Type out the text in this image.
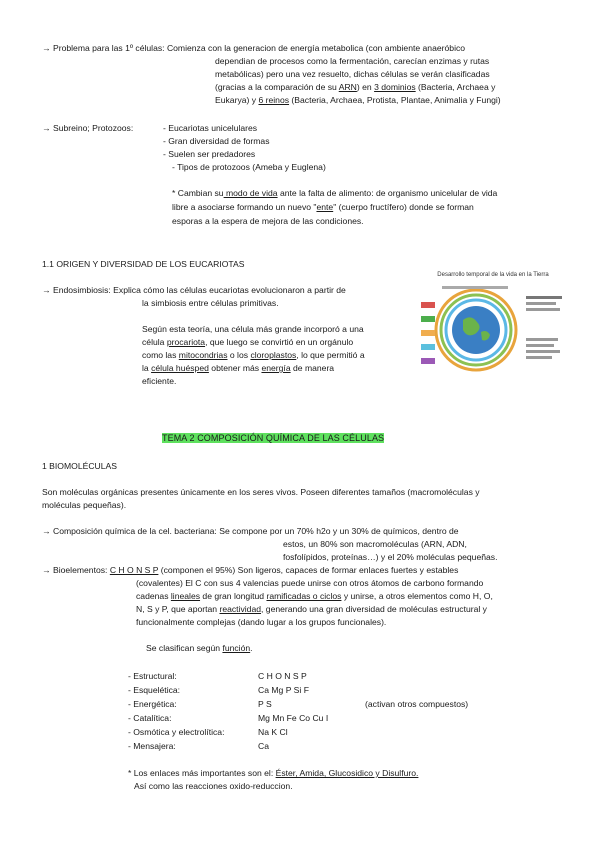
→ Problema para las 1º células: Comienza con la generacion de energía metabolica (con ambiente anaeróbico
dependian de procesos como la fermentación, carecían enzimas y rutas
metabólicas) pero una vez resuelto, dichas células se verán clasificadas
(gracias a la comparación de su ARN) en 3 dominios (Bacteria, Archaea y
Eukarya) y 6 reinos (Bacteria, Archaea, Protista, Plantae, Animalia y Fungi)
→ Subreino; Protozoos:	- Eucariotas unicelulares
- Gran diversidad de formas
- Suelen ser predadores
- Tipos de protozoos (Ameba y Euglena)
* Cambian su modo de vida ante la falta de alimento: de organismo unicelular de vida
libre a asociarse formando un nuevo "ente" (cuerpo fructífero) donde se forman
esporas a la espera de mejora de las condiciones.
1.1 ORIGEN Y DIVERSIDAD DE LOS EUCARIOTAS
→ Endosimbiosis: Explica cómo las células eucariotas evolucionaron a partir de
la simbiosis entre células primitivas.
Según esta teoría, una célula más grande incorporó a una
célula procariota, que luego se convirtió en un orgánulo
como las mitocondrias o los cloroplastos, lo que permitió a
la célula huésped obtener más energía de manera
eficiente.
Desarrollo temporal de la vida en la Tierra
TEMA 2 COMPOSICIÓN QUÍMICA DE LAS CÉLULAS
1 BIOMOLÉCULAS
Son moléculas orgánicas presentes únicamente en los seres vivos. Poseen diferentes tamaños (macromoléculas y
moléculas pequeñas).
→ Composición química de la cel. bacteriana: Se compone por un 70% h2o y un 30% de químicos, dentro de
estos, un 80% son macromoléculas (ARN, ADN,
fosfolípidos, proteínas…) y el 20% moléculas pequeñas.
→ Bioelementos: C H O N S P (componen el 95%) Son ligeros, capaces de formar enlaces fuertes y estables
(covalentes) El C con sus 4 valencias puede unirse con otros átomos de carbono formando
cadenas lineales de gran longitud ramificadas o ciclos y unirse, a otros elementos como H, O,
N, S y P, que aportan reactividad, generando una gran diversidad de moléculas estructural y
funcionalmente complejas (dando lugar a los grupos funcionales).
Se clasifican según función.
- Estructural:	C H O N S P
- Esquelética:	Ca Mg P Si F
- Energética:	P S	(activan otros compuestos)
- Catalítica:	Mg Mn Fe Co Cu I
- Osmótica y electrolítica:	Na K Cl
- Mensajera:	Ca
* Los enlaces más importantes son el: Éster, Amida, Glucosidico y Disulfuro.
Así como las reacciones oxido-reduccion.
